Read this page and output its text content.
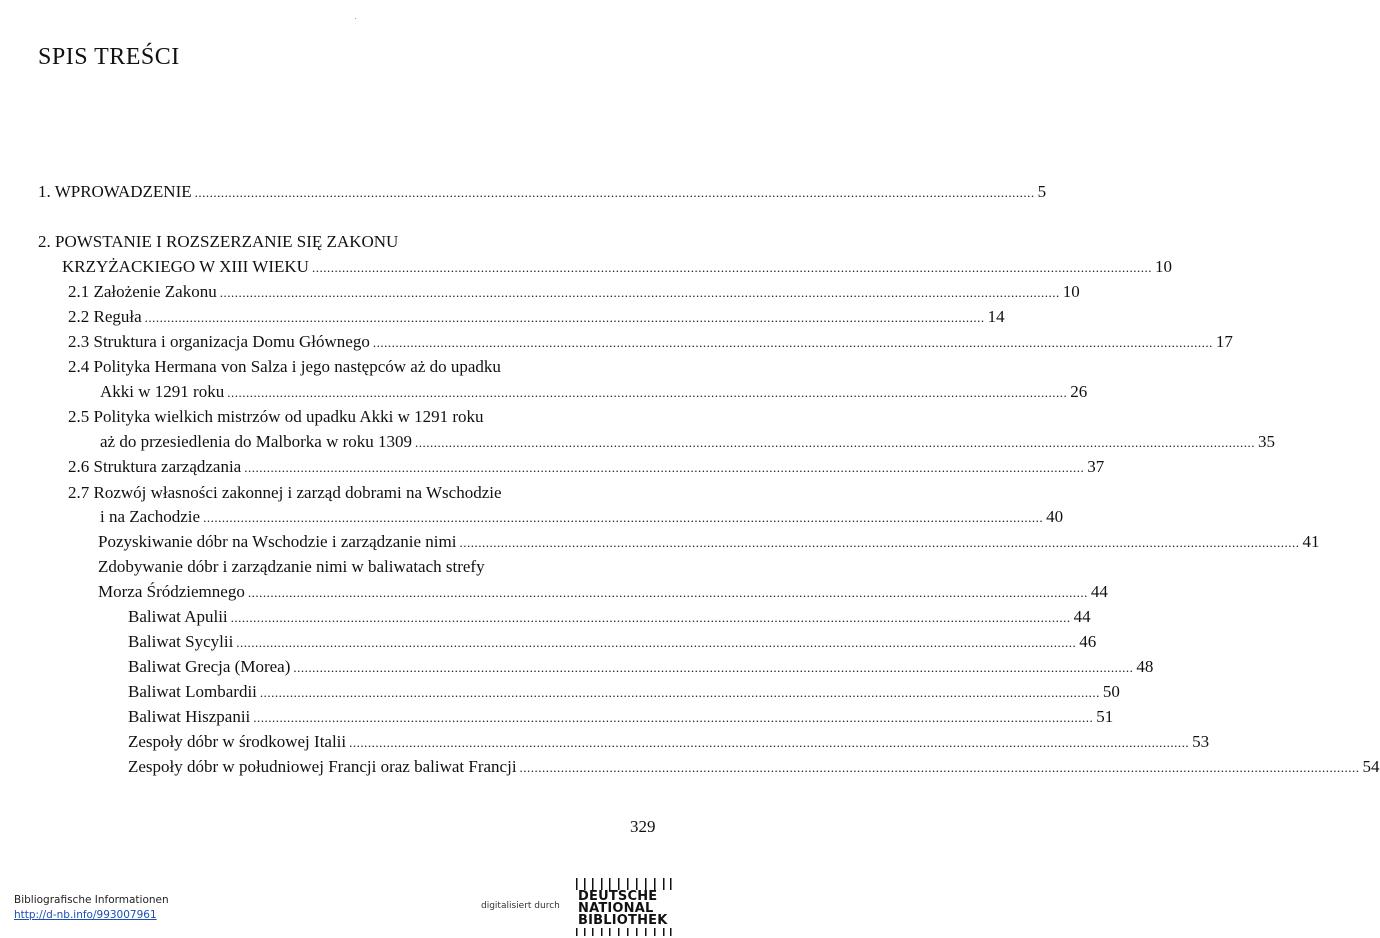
SPIS TREŚCI
1. WPROWADZENIE ................................................................................................................................................................................................................................ 5
2. POWSTANIE I ROZSZERZANIE SIĘ ZAKONU
KRZYŻACKIEGO W XIII WIEKU ................................................................................................................................................................................................................................ 10
2.1 Założenie Zakonu ................................................................................................................................................................................................................................ 10
2.2 Reguła ................................................................................................................................................................................................................................ 14
2.3 Struktura i organizacja Domu Głównego ................................................................................................................................................................................................................................ 17
2.4 Polityka Hermana von Salza i jego następców aż do upadku
Akki w 1291 roku ................................................................................................................................................................................................................................ 26
2.5 Polityka wielkich mistrzów od upadku Akki w 1291 roku
aż do przesiedlenia do Malborka w roku 1309 ................................................................................................................................................................................................................................ 35
2.6 Struktura zarządzania ................................................................................................................................................................................................................................ 37
2.7 Rozwój własności zakonnej i zarząd dobrami na Wschodzie
i na Zachodzie ................................................................................................................................................................................................................................ 40
Pozyskiwanie dóbr na Wschodzie i zarządzanie nimi ................................................................................................................................................................................................................................ 41
Zdobywanie dóbr i zarządzanie nimi w baliwatach strefy
Morza Śródziemnego ................................................................................................................................................................................................................................ 44
Baliwat Apulii ................................................................................................................................................................................................................................ 44
Baliwat Sycylii ................................................................................................................................................................................................................................ 46
Baliwat Grecja (Morea) ................................................................................................................................................................................................................................ 48
Baliwat Lombardii ................................................................................................................................................................................................................................ 50
Baliwat Hiszpanii ................................................................................................................................................................................................................................ 51
Zespoły dóbr w środkowej Italii ................................................................................................................................................................................................................................ 53
Zespoły dóbr w południowej Francji oraz baliwat Francji ................................................................................................................................................................................................................................ 54
329
Bibliografische Informationen
http://d-nb.info/993007961
digitalisiert durch
DEUTSCHE
NATIONAL
BIBLIOTHEK
